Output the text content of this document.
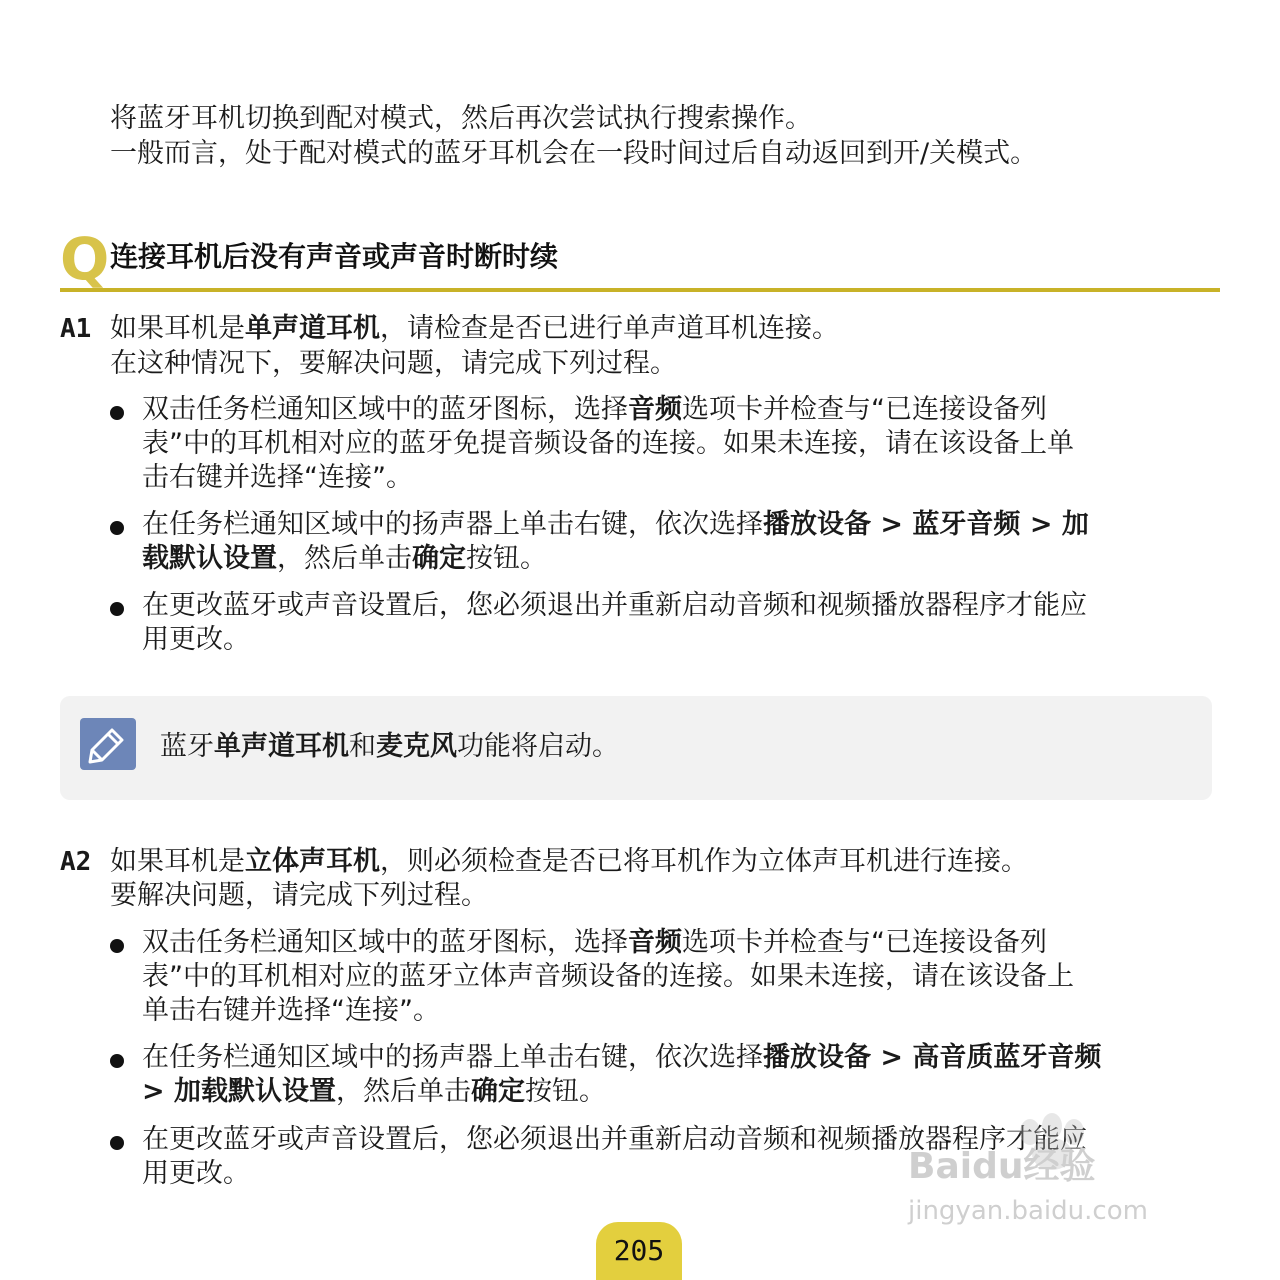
将蓝牙耳机切换到配对模式，然后再次尝试执行搜索操作。
一般而言，处于配对模式的蓝牙耳机会在一段时间过后自动返回到开/关模式。
Q 连接耳机后没有声音或声音时断时续
A1 如果耳机是单声道耳机，请检查是否已进行单声道耳机连接。
在这种情况下，要解决问题，请完成下列过程。
双击任务栏通知区域中的蓝牙图标，选择音频选项卡并检查与“已连接设备列
表”中的耳机相对应的蓝牙免提音频设备的连接。如果未连接，请在该设备上单
击右键并选择“连接”。
在任务栏通知区域中的扬声器上单击右键，依次选择播放设备 > 蓝牙音频 > 加
载默认设置，然后单击确定按钮。
在更改蓝牙或声音设置后，您必须退出并重新启动音频和视频播放器程序才能应
用更改。
蓝牙单声道耳机和麦克风功能将启动。
A2 如果耳机是立体声耳机，则必须检查是否已将耳机作为立体声耳机进行连接。
要解决问题，请完成下列过程。
双击任务栏通知区域中的蓝牙图标，选择音频选项卡并检查与“已连接设备列
表”中的耳机相对应的蓝牙立体声音频设备的连接。如果未连接，请在该设备上
单击右键并选择“连接”。
在任务栏通知区域中的扬声器上单击右键，依次选择播放设备 > 高音质蓝牙音频
> 加载默认设置，然后单击确定按钮。
在更改蓝牙或声音设置后，您必须退出并重新启动音频和视频播放器程序才能应
用更改。	Baidu经验
jingyan.baidu.com
205
